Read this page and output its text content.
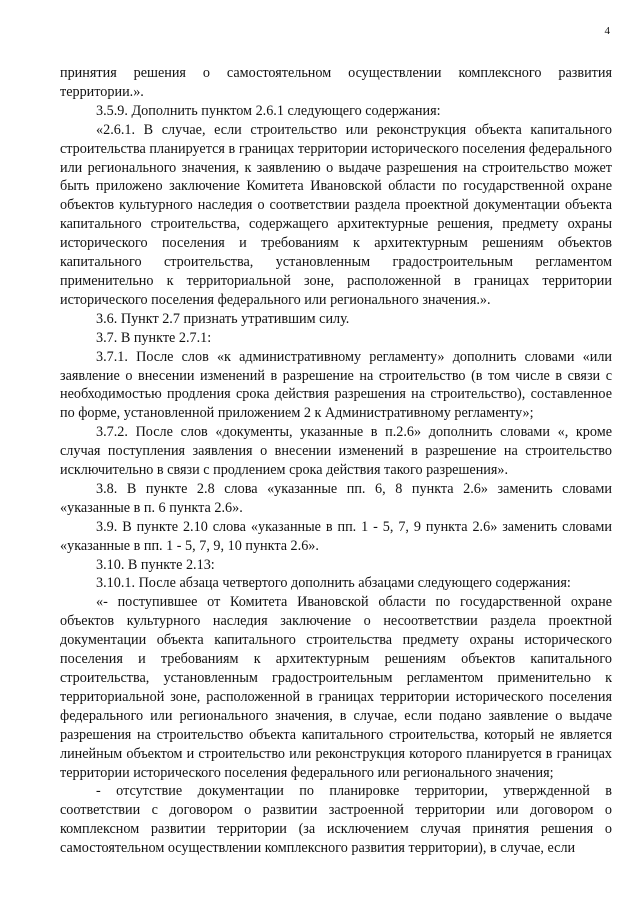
4

принятия решения о самостоятельном осуществлении комплексного развития территории.».

3.5.9. Дополнить пунктом 2.6.1 следующего содержания:

«2.6.1. В случае, если строительство или реконструкция объекта капитального строительства планируется в границах территории исторического поселения федерального или регионального значения, к заявлению о выдаче разрешения на строительство может быть приложено заключение Комитета Ивановской области по государственной охране объектов культурного наследия о соответствии раздела проектной документации объекта капитального строительства, содержащего архитектурные решения, предмету охраны исторического поселения и требованиям к архитектурным решениям объектов капитального строительства, установленным градостроительным регламентом применительно к территориальной зоне, расположенной в границах территории исторического поселения федерального или регионального значения.».

3.6. Пункт 2.7 признать утратившим силу.

3.7. В пункте 2.7.1:

3.7.1. После слов «к административному регламенту» дополнить словами «или заявление о внесении изменений в разрешение на строительство (в том числе в связи с необходимостью продления срока действия разрешения на строительство), составленное по форме, установленной приложением 2 к Административному регламенту»;

3.7.2. После слов «документы, указанные в п.2.6» дополнить словами «, кроме случая поступления заявления о внесении изменений в разрешение на строительство исключительно в связи с продлением срока действия такого разрешения».

3.8. В пункте 2.8 слова «указанные пп. 6, 8 пункта 2.6» заменить словами «указанные в п. 6 пункта 2.6».

3.9. В пункте 2.10 слова «указанные в пп. 1 - 5, 7, 9 пункта 2.6» заменить словами «указанные в пп. 1 - 5, 7, 9, 10 пункта 2.6».

3.10. В пункте 2.13:

3.10.1. После абзаца четвертого дополнить абзацами следующего содержания:

«- поступившее от Комитета Ивановской области по государственной охране объектов культурного наследия заключение о несоответствии раздела проектной документации объекта капитального строительства предмету охраны исторического поселения и требованиям к архитектурным решениям объектов капитального строительства, установленным градостроительным регламентом применительно к территориальной зоне, расположенной в границах территории исторического поселения федерального или регионального значения, в случае, если подано заявление о выдаче разрешения на строительство объекта капитального строительства, который не является линейным объектом и строительство или реконструкция которого планируется в границах территории исторического поселения федерального или регионального значения;

- отсутствие документации по планировке территории, утвержденной в соответствии с договором о развитии застроенной территории или договором о комплексном развитии территории (за исключением случая принятия решения о самостоятельном осуществлении комплексного развития территории), в случае, если
